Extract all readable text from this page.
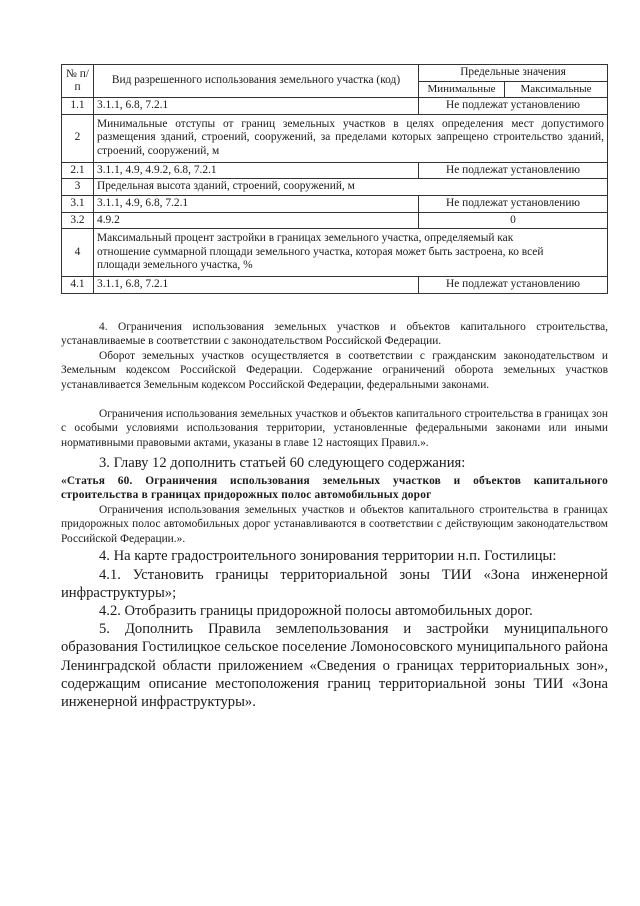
№ п/п	Вид разрешенного использования земельного участка (код)	Предельные значения	
		Минимальные	Максимальные
1.1	3.1.1, 6.8, 7.2.1	Не подлежат установлению	
2	Минимальные отступы от границ земельных участков в целях определения мест допустимого размещения зданий, строений, сооружений, за пределами которых запрещено строительство зданий, строений, сооружений, м		
2.1	3.1.1, 4.9, 4.9.2, 6.8, 7.2.1	Не подлежат установлению	
3	Предельная высота зданий, строений, сооружений, м		
3.1	3.1.1, 4.9, 6.8, 7.2.1	Не подлежат установлению	
3.2	4.9.2	0	
4	Максимальный процент застройки в границах земельного участка, определяемый как отношение суммарной площади земельного участка, которая может быть застроена, ко всей площади земельного участка, %		
4.1	3.1.1, 6.8, 7.2.1	Не подлежат установлению	

4. Ограничения использования земельных участков и объектов капитального строительства, устанавливаемые в соответствии с законодательством Российской Федерации.

Оборот земельных участков осуществляется в соответствии с гражданским законодательством и Земельным кодексом Российской Федерации. Содержание ограничений оборота земельных участков устанавливается Земельным кодексом Российской Федерации, федеральными законами.

Ограничения использования земельных участков и объектов капитального строительства в границах зон с особыми условиями использования территории, установленные федеральными законами или иными нормативными правовыми актами, указаны в главе 12 настоящих Правил.».

3. Главу 12 дополнить статьей 60 следующего содержания:

«Статья 60. Ограничения использования земельных участков и объектов капитального строительства в границах придорожных полос автомобильных дорог

Ограничения использования земельных участков и объектов капитального строительства в границах придорожных полос автомобильных дорог устанавливаются в соответствии с действующим законодательством Российской Федерации.».

4. На карте градостроительного зонирования территории н.п. Гостилицы:

4.1. Установить границы территориальной зоны ТИИ «Зона инженерной инфраструктуры»;

4.2. Отобразить границы придорожной полосы автомобильных дорог.

5. Дополнить Правила землепользования и застройки муниципального образования Гостилицкое сельское поселение Ломоносовского муниципального района Ленинградской области приложением «Сведения о границах территориальных зон», содержащим описание местоположения границ территориальной зоны ТИИ «Зона инженерной инфраструктуры».
